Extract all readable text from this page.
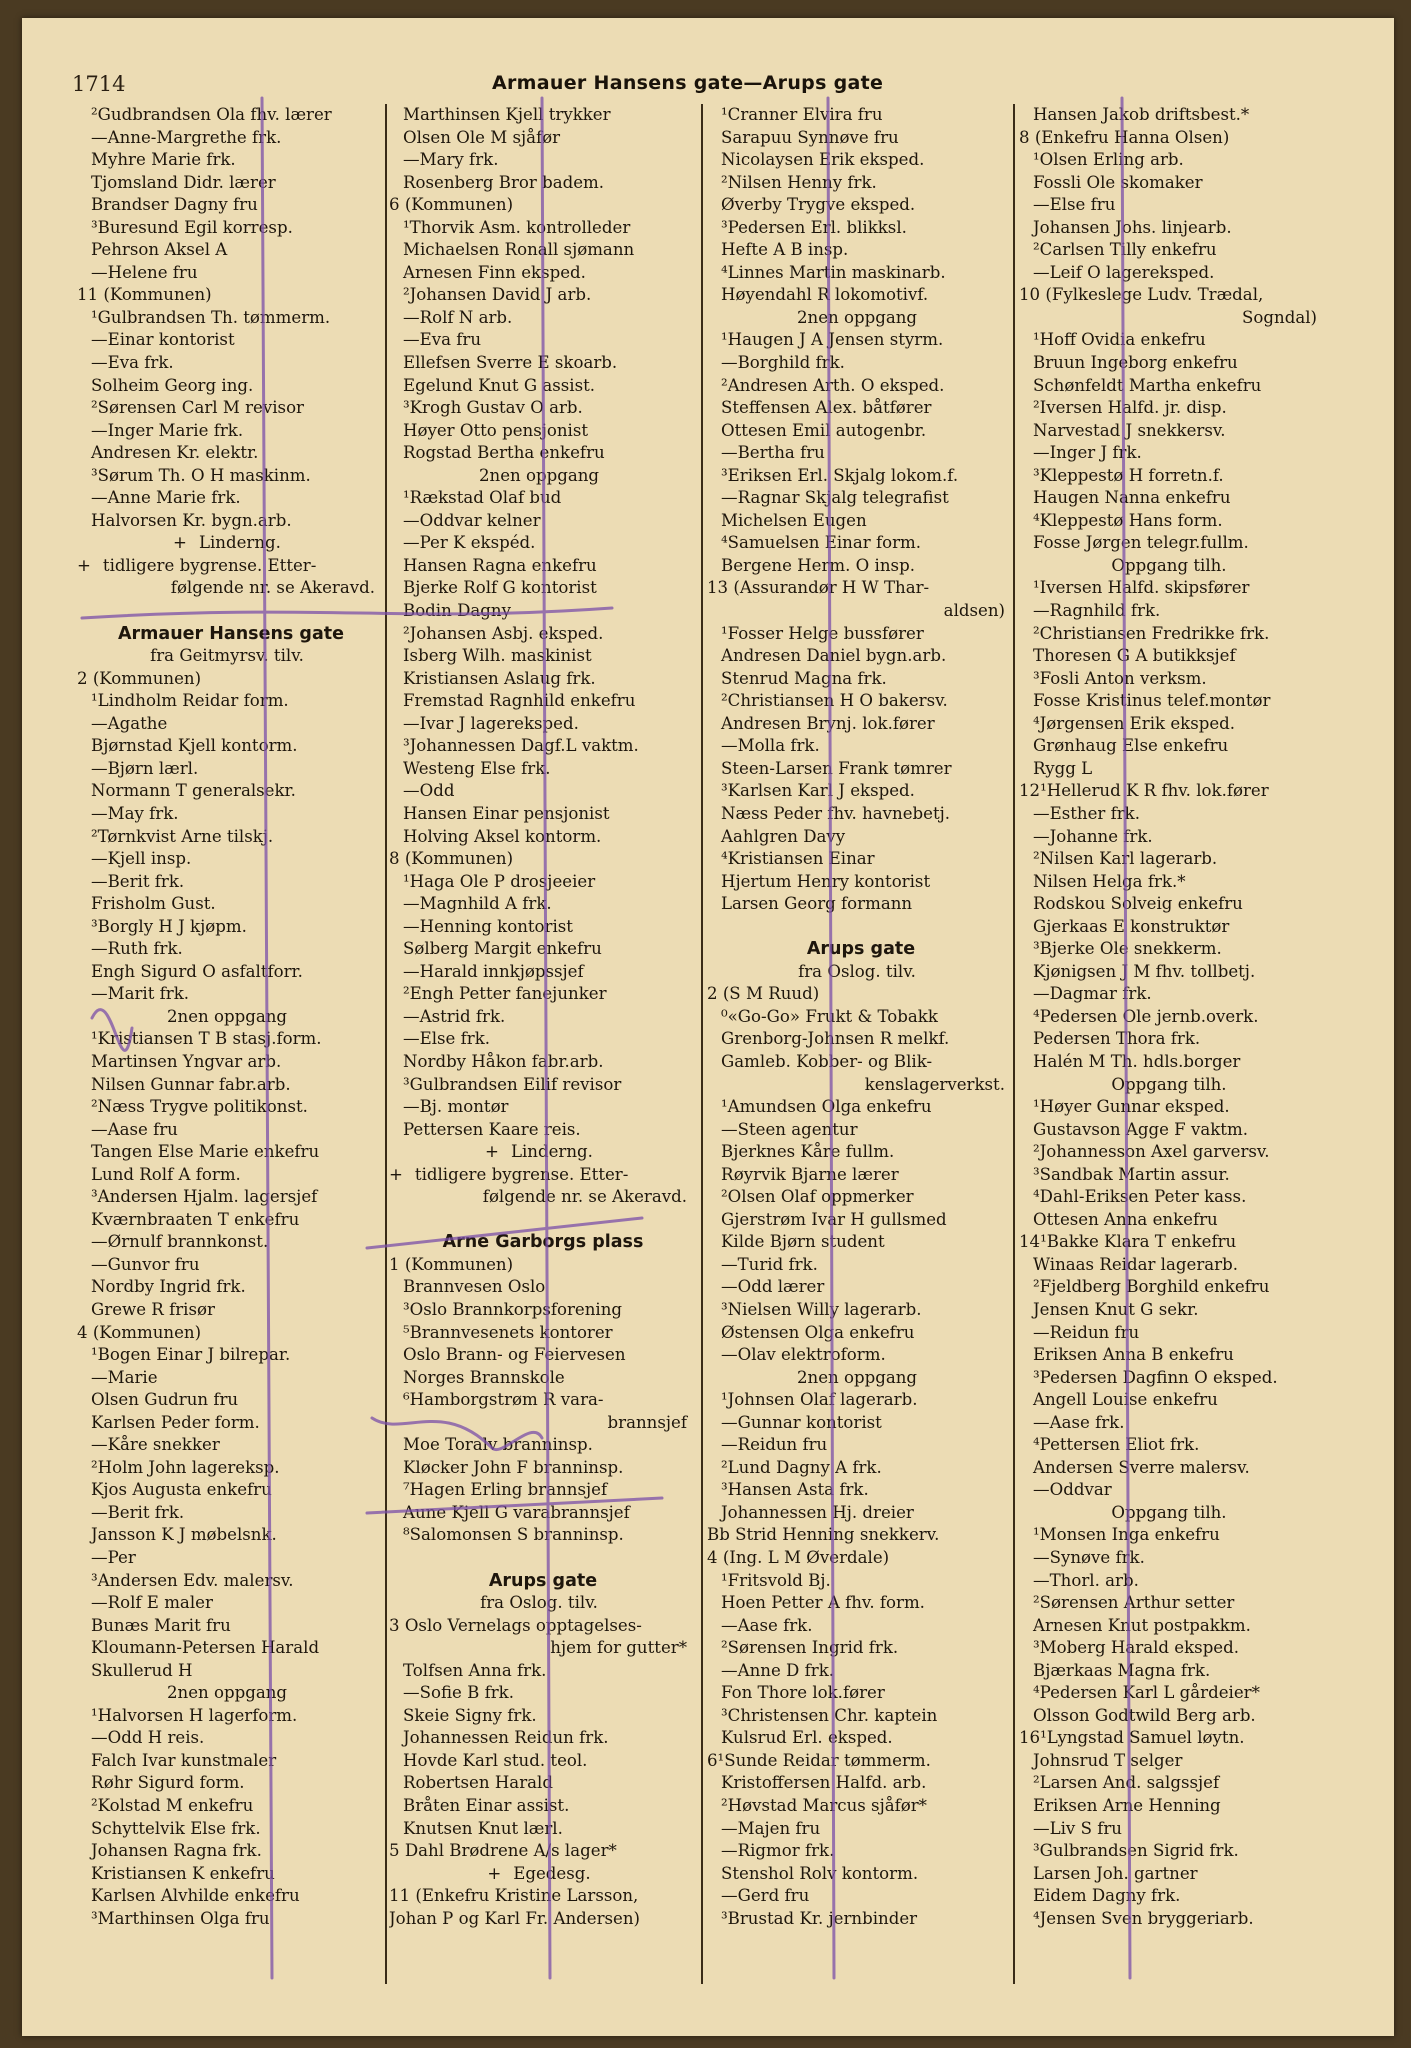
1714	Armauer Hansens gate—Arups gate
²Gudbrandsen Ola fhv. lærer
—Anne-Margrethe frk.
Myhre Marie frk.
Tjomsland Didr. lærer
Brandser Dagny fru
³Buresund Egil korresp.
Pehrson Aksel A
—Helene fru
11 (Kommunen)
¹Gulbrandsen Th. tømmerm.
—Einar kontorist
—Eva frk.
Solheim Georg ing.
²Sørensen Carl M revisor
—Inger Marie frk.
Andresen Kr. elektr.
³Sørum Th. O H maskinm.
—Anne Marie frk.
Halvorsen Kr. bygn.arb.
+ Linderng.
+ tidligere bygrense. Etter-
følgende nr. se Akeravd.
Armauer Hansens gate
fra Geitmyrsv. tilv.
2 (Kommunen)
¹Lindholm Reidar form.
—Agathe
Bjørnstad Kjell kontorm.
—Bjørn lærl.
Normann T generalsekr.
—May frk.
²Tørnkvist Arne tilskj.
—Kjell insp.
—Berit frk.
Frisholm Gust.
³Borgly H J kjøpm.
—Ruth frk.
Engh Sigurd O asfaltforr.
—Marit frk.
2nen oppgang
¹Kristiansen T B stasj.form.
Martinsen Yngvar arb.
Nilsen Gunnar fabr.arb.
²Næss Trygve politikonst.
—Aase fru
Tangen Else Marie enkefru
Lund Rolf A form.
³Andersen Hjalm. lagersjef
Kværnbraaten T enkefru
—Ørnulf brannkonst.
—Gunvor fru
Nordby Ingrid frk.
Grewe R frisør
4 (Kommunen)
¹Bogen Einar J bilrepar.
—Marie
Olsen Gudrun fru
Karlsen Peder form.
—Kåre snekker
²Holm John lagereksp.
Kjos Augusta enkefru
—Berit frk.
Jansson K J møbelsnk.
—Per
³Andersen Edv. malersv.
—Rolf E maler
Bunæs Marit fru
Kloumann-Petersen Harald
Skullerud H
2nen oppgang
¹Halvorsen H lagerform.
—Odd H reis.
Falch Ivar kunstmaler
Røhr Sigurd form.
²Kolstad M enkefru
Schyttelvik Else frk.
Johansen Ragna frk.
Kristiansen K enkefru
Karlsen Alvhilde enkefru
³Marthinsen Olga fru
Marthinsen Kjell trykker
Olsen Ole M sjåfør
—Mary frk.
Rosenberg Bror badem.
6 (Kommunen)
¹Thorvik Asm. kontrolleder
Michaelsen Ronall sjømann
Arnesen Finn eksped.
²Johansen David J arb.
—Rolf N arb.
—Eva fru
Ellefsen Sverre E skoarb.
Egelund Knut G assist.
³Krogh Gustav O arb.
Høyer Otto pensjonist
Rogstad Bertha enkefru
2nen oppgang
¹Rækstad Olaf bud
—Oddvar kelner
—Per K ekspéd.
Hansen Ragna enkefru
Bjerke Rolf G kontorist
Bodin Dagny
²Johansen Asbj. eksped.
Isberg Wilh. maskinist
Kristiansen Aslaug frk.
Fremstad Ragnhild enkefru
—Ivar J lagereksped.
³Johannessen Dagf.L vaktm.
Westeng Else frk.
—Odd
Hansen Einar pensjonist
Holving Aksel kontorm.
8 (Kommunen)
¹Haga Ole P drosjeeier
—Magnhild A frk.
—Henning kontorist
Sølberg Margit enkefru
—Harald innkjøpssjef
²Engh Petter fanejunker
—Astrid frk.
—Else frk.
Nordby Håkon fabr.arb.
³Gulbrandsen Eilif revisor
—Bj. montør
Pettersen Kaare reis.
+ Linderng.
+ tidligere bygrense. Etter-
følgende nr. se Akeravd.
Arne Garborgs plass
1 (Kommunen)
Brannvesen Oslo
³Oslo Brannkorpsforening
⁵Brannvesenets kontorer
Oslo Brann- og Feiervesen
Norges Brannskole
⁶Hamborgstrøm R vara-
brannsjef
Moe Toralv branninsp.
Kløcker John F branninsp.
⁷Hagen Erling brannsjef
Aune Kjell G varabrannsjef
⁸Salomonsen S branninsp.
Arups gate
fra Oslog. tilv.
3 Oslo Vernelags opptagelses-
hjem for gutter*
Tolfsen Anna frk.
—Sofie B frk.
Skeie Signy frk.
Johannessen Reidun frk.
Hovde Karl stud. teol.
Robertsen Harald
Bråten Einar assist.
Knutsen Knut lærl.
5 Dahl Brødrene A/s lager*
+ Egedesg.
11 (Enkefru Kristine Larsson,
Johan P og Karl Fr. Andersen)
¹Cranner Elvira fru
Sarapuu Synnøve fru
Nicolaysen Erik eksped.
²Nilsen Henny frk.
Øverby Trygve eksped.
³Pedersen Erl. blikksl.
Hefte A B insp.
⁴Linnes Martin maskinarb.
Høyendahl R lokomotivf.
2nen oppgang
¹Haugen J A Jensen styrm.
—Borghild frk.
²Andresen Arth. O eksped.
Steffensen Alex. båtfører
Ottesen Emil autogenbr.
—Bertha fru
³Eriksen Erl. Skjalg lokom.f.
—Ragnar Skjalg telegrafist
Michelsen Eugen
⁴Samuelsen Einar form.
Bergene Herm. O insp.
13 (Assurandør H W Thar-
aldsen)
¹Fosser Helge bussfører
Andresen Daniel bygn.arb.
Stenrud Magna frk.
²Christiansen H O bakersv.
Andresen Brynj. lok.fører
—Molla frk.
Steen-Larsen Frank tømrer
³Karlsen Karl J eksped.
Næss Peder fhv. havnebetj.
Aahlgren Davy
⁴Kristiansen Einar
Hjertum Henry kontorist
Larsen Georg formann
Arups gate
fra Oslog. tilv.
2 (S M Ruud)
⁰«Go-Go» Frukt & Tobakk
Grenborg-Johnsen R melkf.
Gamleb. Kobber- og Blik-
kenslagerverkst.
¹Amundsen Olga enkefru
—Steen agentur
Bjerknes Kåre fullm.
Røyrvik Bjarne lærer
²Olsen Olaf oppmerker
Gjerstrøm Ivar H gullsmed
Kilde Bjørn student
—Turid frk.
—Odd lærer
³Nielsen Willy lagerarb.
Østensen Olga enkefru
—Olav elektroform.
2nen oppgang
¹Johnsen Olaf lagerarb.
—Gunnar kontorist
—Reidun fru
²Lund Dagny A frk.
³Hansen Asta frk.
Johannessen Hj. dreier
Bb Strid Henning snekkerv.
4 (Ing. L M Øverdale)
¹Fritsvold Bj.
Hoen Petter A fhv. form.
—Aase frk.
²Sørensen Ingrid frk.
—Anne D frk.
Fon Thore lok.fører
³Christensen Chr. kaptein
Kulsrud Erl. eksped.
6¹Sunde Reidar tømmerm.
Kristoffersen Halfd. arb.
²Høvstad Marcus sjåfør*
—Majen fru
—Rigmor frk.
Stenshol Rolv kontorm.
—Gerd fru
³Brustad Kr. jernbinder
Hansen Jakob driftsbest.*
8 (Enkefru Hanna Olsen)
¹Olsen Erling arb.
Fossli Ole skomaker
—Else fru
Johansen Johs. linjearb.
²Carlsen Tilly enkefru
—Leif O lagereksped.
10 (Fylkeslege Ludv. Trædal,
Sogndal)
¹Hoff Ovidia enkefru
Bruun Ingeborg enkefru
Schønfeldt Martha enkefru
²Iversen Halfd. jr. disp.
Narvestad J snekkersv.
—Inger J frk.
³Kleppestø H forretn.f.
Haugen Nanna enkefru
⁴Kleppestø Hans form.
Fosse Jørgen telegr.fullm.
Oppgang tilh.
¹Iversen Halfd. skipsfører
—Ragnhild frk.
²Christiansen Fredrikke frk.
Thoresen G A butikksjef
³Fosli Anton verksm.
Fosse Kristinus telef.montør
⁴Jørgensen Erik eksped.
Grønhaug Else enkefru
Rygg L
12¹Hellerud K R fhv. lok.fører
—Esther frk.
—Johanne frk.
²Nilsen Karl lagerarb.
Nilsen Helga frk.*
Rodskou Solveig enkefru
Gjerkaas E konstruktør
³Bjerke Ole snekkerm.
Kjønigsen J M fhv. tollbetj.
—Dagmar frk.
⁴Pedersen Ole jernb.overk.
Pedersen Thora frk.
Halén M Th. hdls.borger
Oppgang tilh.
¹Høyer Gunnar eksped.
Gustavson Agge F vaktm.
²Johannesson Axel garversv.
³Sandbak Martin assur.
⁴Dahl-Eriksen Peter kass.
Ottesen Anna enkefru
14¹Bakke Klara T enkefru
Winaas Reidar lagerarb.
²Fjeldberg Borghild enkefru
Jensen Knut G sekr.
—Reidun fru
Eriksen Anna B enkefru
³Pedersen Dagfinn O eksped.
Angell Louise enkefru
—Aase frk.
⁴Pettersen Eliot frk.
Andersen Sverre malersv.
—Oddvar
Oppgang tilh.
¹Monsen Inga enkefru
—Synøve frk.
—Thorl. arb.
²Sørensen Arthur setter
Arnesen Knut postpakkm.
³Moberg Harald eksped.
Bjærkaas Magna frk.
⁴Pedersen Karl L gårdeier*
Olsson Godtwild Berg arb.
16¹Lyngstad Samuel løytn.
Johnsrud T selger
²Larsen And. salgssjef
Eriksen Arne Henning
—Liv S fru
³Gulbrandsen Sigrid frk.
Larsen Joh. gartner
Eidem Dagny frk.
⁴Jensen Sven bryggeriarb.
